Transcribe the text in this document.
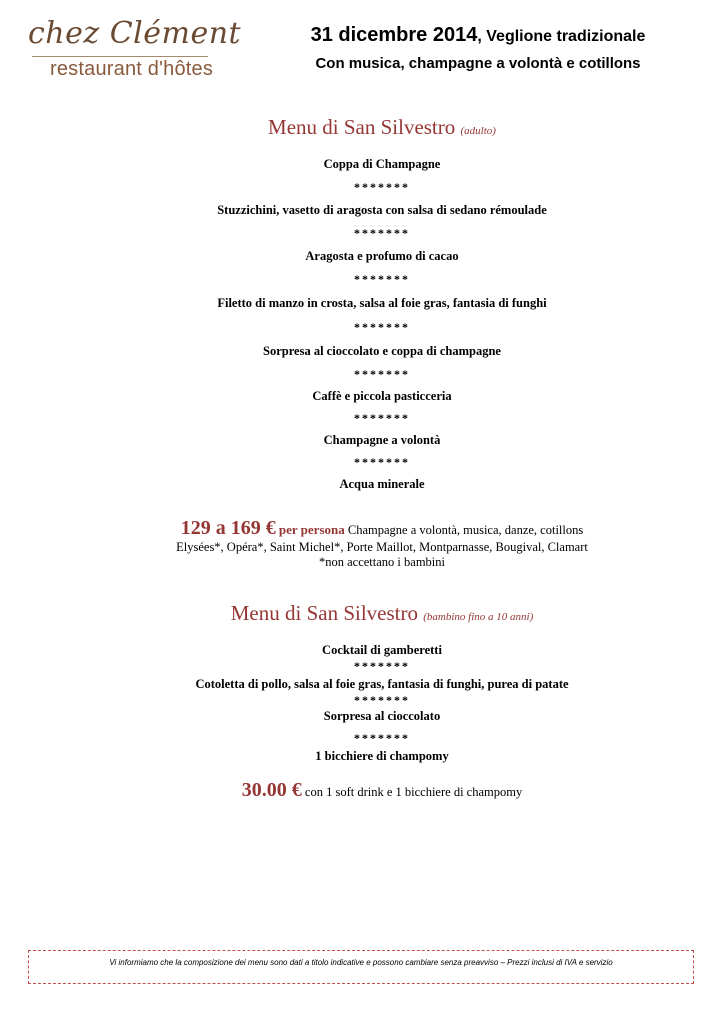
chez Clément
restaurant d'hôtes
31 dicembre 2014, Veglione tradizionale
Con musica, champagne a volontà e cotillons
Menu di San Silvestro (adulto)
Coppa di Champagne
*******
Stuzzichini, vasetto di aragosta con salsa di sedano rémoulade
*******
Aragosta e profumo di cacao
*******
Filetto di manzo in crosta, salsa al foie gras, fantasia di funghi
*******
Sorpresa al cioccolato e coppa di champagne
*******
Caffè e piccola pasticceria
*******
Champagne a volontà
*******
Acqua minerale
129 a 169 € per persona Champagne a volontà, musica, danze, cotillons
Elysées*, Opéra*, Saint Michel*, Porte Maillot, Montparnasse, Bougival, Clamart
*non accettano i bambini
Menu di San Silvestro (bambino fino a 10 anni)
Cocktail di gamberetti
*******
Cotoletta di pollo, salsa al foie gras, fantasia di funghi, purea di patate
*******
Sorpresa al cioccolato
*******
1 bicchiere di champomy
30.00 € con 1 soft drink e 1 bicchiere di champomy
Vi informiamo che la composizione dei menu sono dati a titolo indicative e possono cambiare senza preavviso – Prezzi inclusi di IVA e servizio
